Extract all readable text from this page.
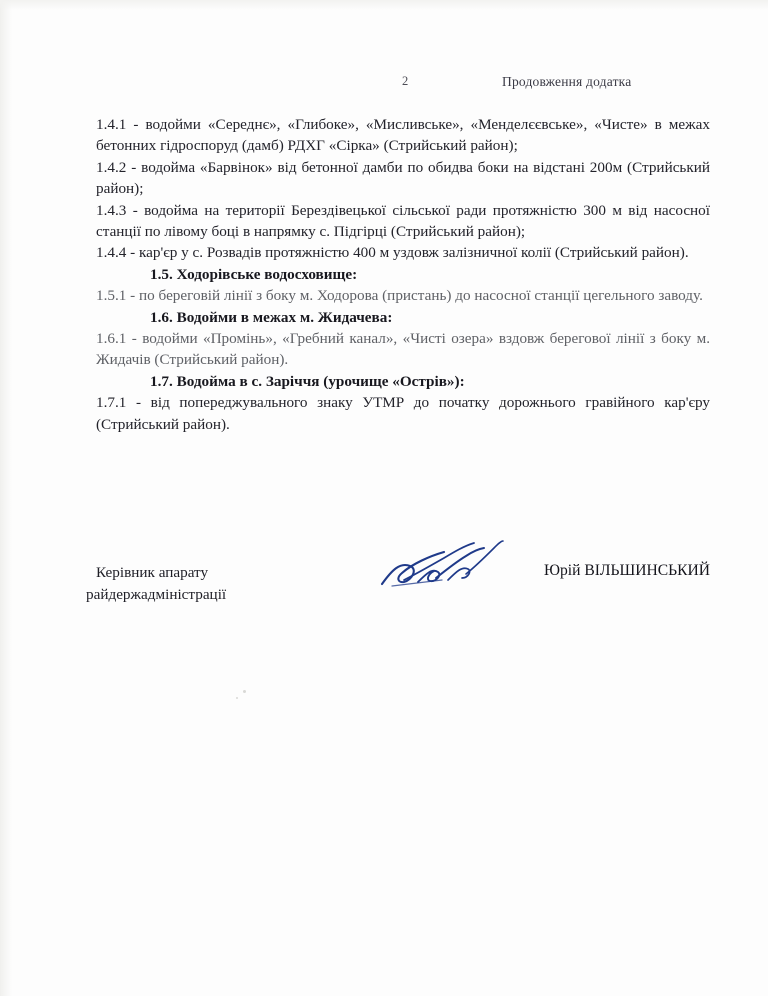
2	Продовження додатка

1.4.1 - водойми «Середнє», «Глибоке», «Мисливське», «Менделєєвське», «Чисте» в межах бетонних гідроспоруд (дамб) РДХГ «Сірка» (Стрийський район);

1.4.2 - водойма «Барвінок» від бетонної дамби по обидва боки на відстані 200м (Стрийський район);

1.4.3 - водойма на території Берездівецької сільської ради протяжністю 300 м від насосної станції по лівому боці в напрямку с. Підгірці (Стрийський район);

1.4.4 - кар'єр у с. Розвадів протяжністю 400 м уздовж залізничної колії (Стрийський район).

1.5. Ходорівське водосховище:

1.5.1 - по береговій лінії з боку м. Ходорова (пристань) до насосної станції цегельного заводу.

1.6. Водойми в межах м. Жидачева:

1.6.1 - водойми «Промінь», «Гребний канал», «Чисті озера» вздовж берегової лінії з боку м. Жидачів (Стрийський район).

1.7. Водойма в с. Заріччя (урочище «Острів»):

1.7.1 - від попереджувального знаку УТМР до початку дорожнього гравійного кар'єру (Стрийський район).

Керівник апарату

райдержадміністрації

Юрій ВІЛЬШИНСЬКИЙ
